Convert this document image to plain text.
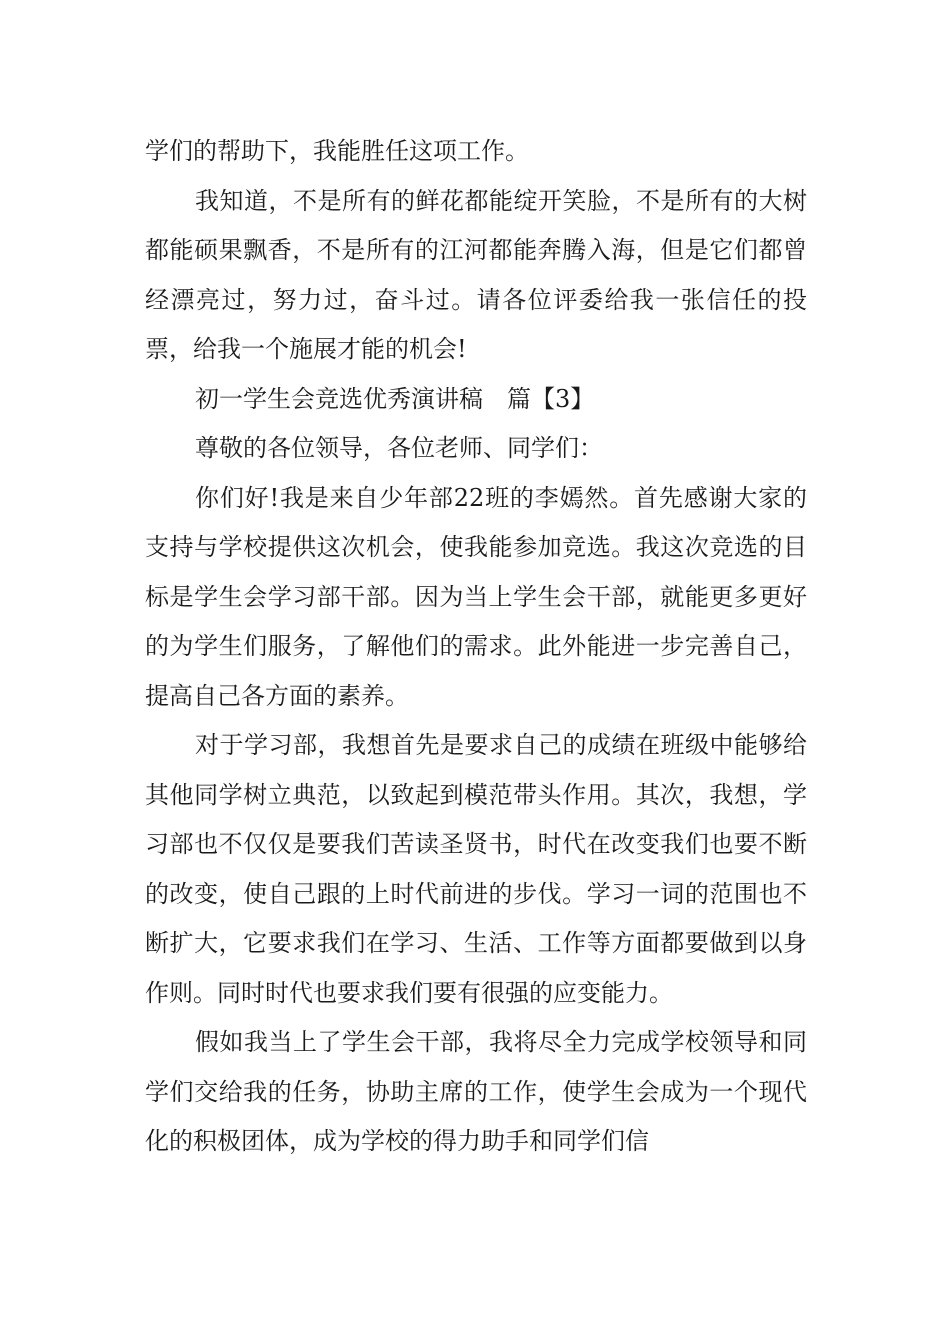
学们的帮助下，我能胜任这项工作。

我知道，不是所有的鲜花都能绽开笑脸，不是所有的大树都能硕果飘香，不是所有的江河都能奔腾入海，但是它们都曾经漂亮过，努力过，奋斗过。请各位评委给我一张信任的投票，给我一个施展才能的机会!

初一学生会竞选优秀演讲稿　篇【3】

尊敬的各位领导，各位老师、同学们：

你们好!我是来自少年部22班的李嫣然。首先感谢大家的支持与学校提供这次机会，使我能参加竞选。我这次竞选的目标是学生会学习部干部。因为当上学生会干部，就能更多更好的为学生们服务，了解他们的需求。此外能进一步完善自己，提高自己各方面的素养。

对于学习部，我想首先是要求自己的成绩在班级中能够给其他同学树立典范，以致起到模范带头作用。其次，我想，学习部也不仅仅是要我们苦读圣贤书，时代在改变我们也要不断的改变，使自己跟的上时代前进的步伐。学习一词的范围也不断扩大，它要求我们在学习、生活、工作等方面都要做到以身作则。同时时代也要求我们要有很强的应变能力。

假如我当上了学生会干部，我将尽全力完成学校领导和同学们交给我的任务，协助主席的工作，使学生会成为一个现代化的积极团体，成为学校的得力助手和同学们信
